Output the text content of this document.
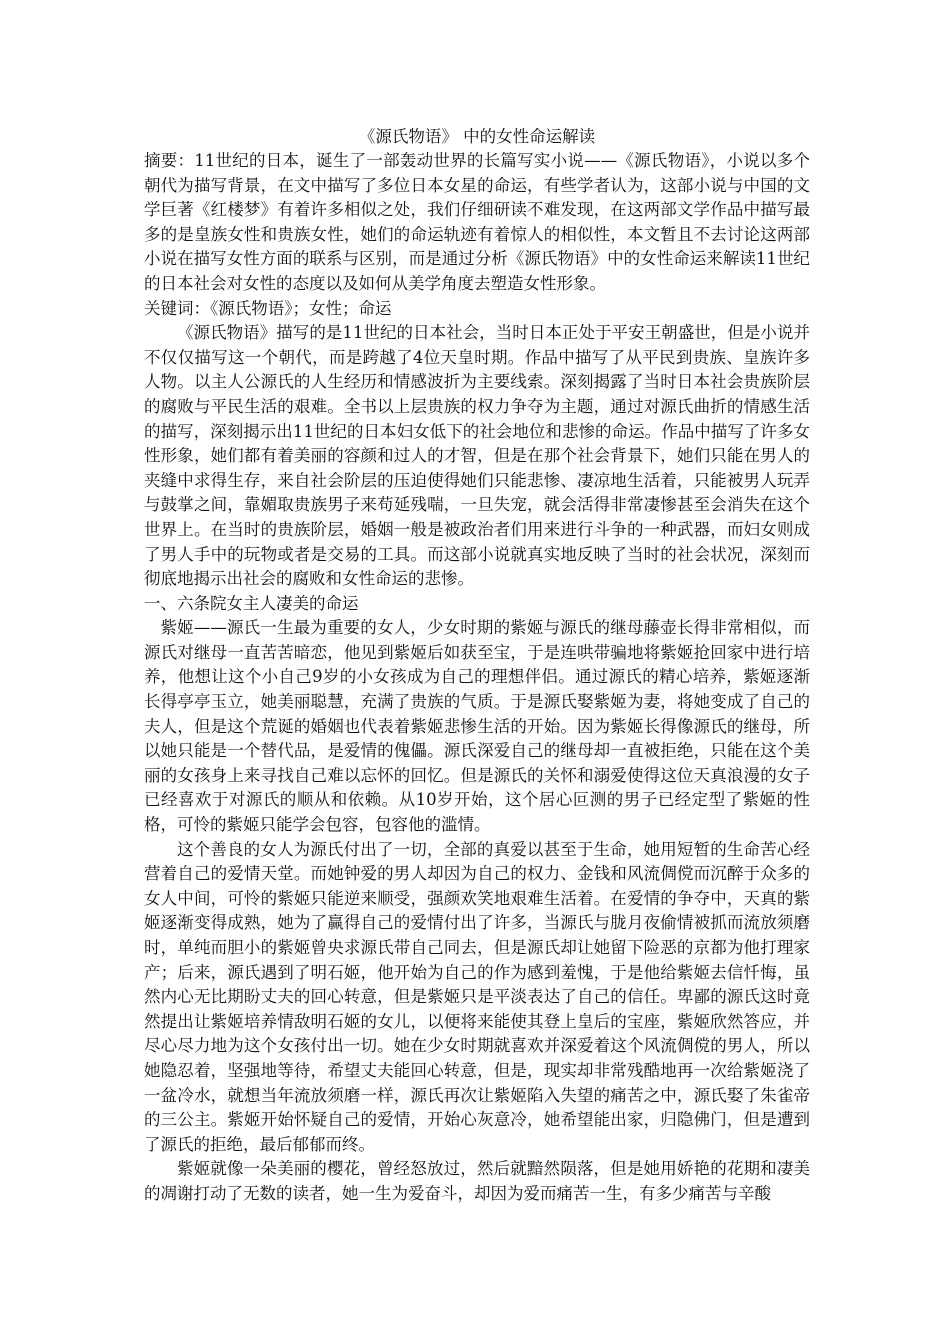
《源氏物语》 中的女性命运解读

摘要：11世纪的日本，诞生了一部轰动世界的长篇写实小说——《源氏物语》，小说以多个朝代为描写背景，在文中描写了多位日本女星的命运，有些学者认为，这部小说与中国的文学巨著《红楼梦》有着许多相似之处，我们仔细研读不难发现，在这两部文学作品中描写最多的是皇族女性和贵族女性，她们的命运轨迹有着惊人的相似性，本文暂且不去讨论这两部小说在描写女性方面的联系与区别，而是通过分析《源氏物语》中的女性命运来解读11世纪的日本社会对女性的态度以及如何从美学角度去塑造女性形象。

关键词：《源氏物语》；女性；命运

《源氏物语》描写的是11世纪的日本社会，当时日本正处于平安王朝盛世，但是小说并不仅仅描写这一个朝代，而是跨越了4位天皇时期。作品中描写了从平民到贵族、皇族许多人物。以主人公源氏的人生经历和情感波折为主要线索。深刻揭露了当时日本社会贵族阶层的腐败与平民生活的艰难。全书以上层贵族的权力争夺为主题，通过对源氏曲折的情感生活的描写，深刻揭示出11世纪的日本妇女低下的社会地位和悲惨的命运。作品中描写了许多女性形象，她们都有着美丽的容颜和过人的才智，但是在那个社会背景下，她们只能在男人的夹缝中求得生存，来自社会阶层的压迫使得她们只能悲惨、凄凉地生活着，只能被男人玩弄与鼓掌之间，靠媚取贵族男子来苟延残喘，一旦失宠，就会活得非常凄惨甚至会消失在这个世界上。在当时的贵族阶层，婚姻一般是被政治者们用来进行斗争的一种武器，而妇女则成了男人手中的玩物或者是交易的工具。而这部小说就真实地反映了当时的社会状况，深刻而彻底地揭示出社会的腐败和女性命运的悲惨。

一、六条院女主人凄美的命运

紫姬——源氏一生最为重要的女人，少女时期的紫姬与源氏的继母藤壶长得非常相似，而源氏对继母一直苦苦暗恋，他见到紫姬后如获至宝，于是连哄带骗地将紫姬抢回家中进行培养，他想让这个小自己9岁的小女孩成为自己的理想伴侣。通过源氏的精心培养，紫姬逐渐长得亭亭玉立，她美丽聪慧，充满了贵族的气质。于是源氏娶紫姬为妻，将她变成了自己的夫人，但是这个荒诞的婚姻也代表着紫姬悲惨生活的开始。因为紫姬长得像源氏的继母，所以她只能是一个替代品，是爱情的傀儡。源氏深爱自己的继母却一直被拒绝，只能在这个美丽的女孩身上来寻找自己难以忘怀的回忆。但是源氏的关怀和溺爱使得这位天真浪漫的女子已经喜欢于对源氏的顺从和依赖。从10岁开始，这个居心叵测的男子已经定型了紫姬的性格，可怜的紫姬只能学会包容，包容他的滥情。

这个善良的女人为源氏付出了一切，全部的真爱以甚至于生命，她用短暂的生命苦心经营着自己的爱情天堂。而她钟爱的男人却因为自己的权力、金钱和风流倜傥而沉醉于众多的女人中间，可怜的紫姬只能逆来顺受，强颜欢笑地艰难生活着。在爱情的争夺中，天真的紫姬逐渐变得成熟，她为了赢得自己的爱情付出了许多，当源氏与胧月夜偷情被抓而流放须磨时，单纯而胆小的紫姬曾央求源氏带自己同去，但是源氏却让她留下险恶的京都为他打理家产；后来，源氏遇到了明石姬，他开始为自己的作为感到羞愧，于是他给紫姬去信忏悔，虽然内心无比期盼丈夫的回心转意，但是紫姬只是平淡表达了自己的信任。卑鄙的源氏这时竟然提出让紫姬培养情敌明石姬的女儿，以便将来能使其登上皇后的宝座，紫姬欣然答应，并尽心尽力地为这个女孩付出一切。她在少女时期就喜欢并深爱着这个风流倜傥的男人，所以她隐忍着，坚强地等待，希望丈夫能回心转意，但是，现实却非常残酷地再一次给紫姬浇了一盆冷水，就想当年流放须磨一样，源氏再次让紫姬陷入失望的痛苦之中，源氏娶了朱雀帝的三公主。紫姬开始怀疑自己的爱情，开始心灰意冷，她希望能出家，归隐佛门，但是遭到了源氏的拒绝，最后郁郁而终。

紫姬就像一朵美丽的樱花，曾经怒放过，然后就黯然陨落，但是她用娇艳的花期和凄美的凋谢打动了无数的读者，她一生为爱奋斗，却因为爱而痛苦一生，有多少痛苦与辛酸
